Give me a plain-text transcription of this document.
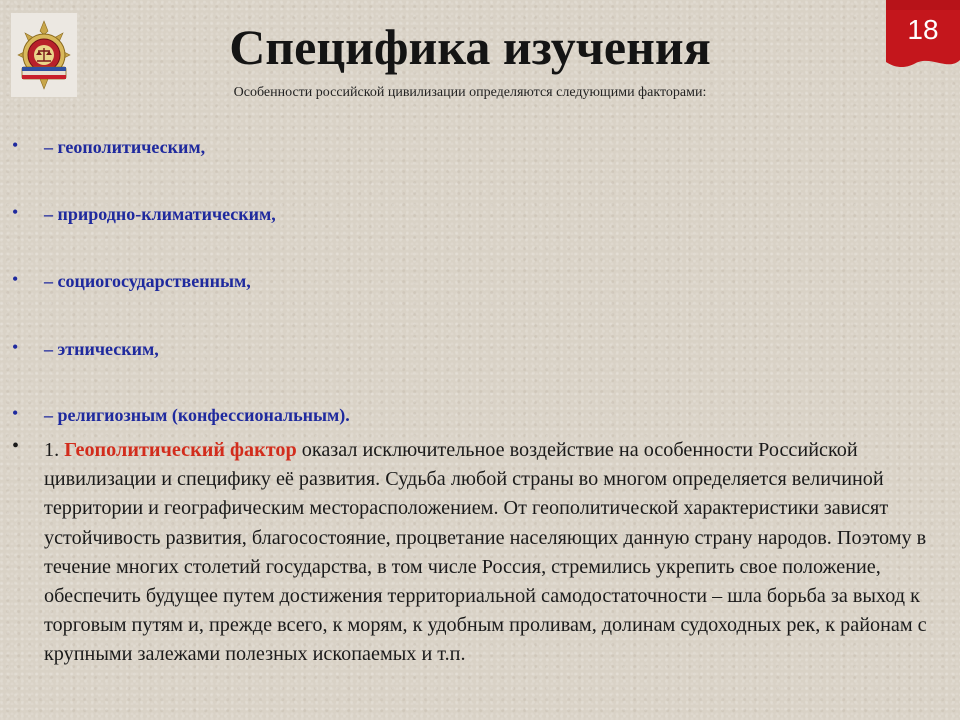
Специфика изучения
Особенности российской цивилизации определяются следующими факторами:
18
• – геополитическим,
• – природно-климатическим,
• – социогосударственным,
• – этническим,
• – религиозным (конфессиональным).

• 1. Геополитический фактор оказал исключительное воздействие на особенности Российской цивилизации и специфику её развития. Судьба любой страны во многом определяется величиной территории и географическим месторасположением. От геополитической характеристики зависят устойчивость развития, благосостояние, процветание населяющих данную страну народов. Поэтому в течение многих столетий государства, в том числе Россия, стремились укрепить свое положение, обеспечить будущее путем достижения территориальной самодостаточности – шла борьба за выход к торговым путям и, прежде всего, к морям, к удобным проливам, долинам судоходных рек, к районам с крупными залежами полезных ископаемых и т.п.
